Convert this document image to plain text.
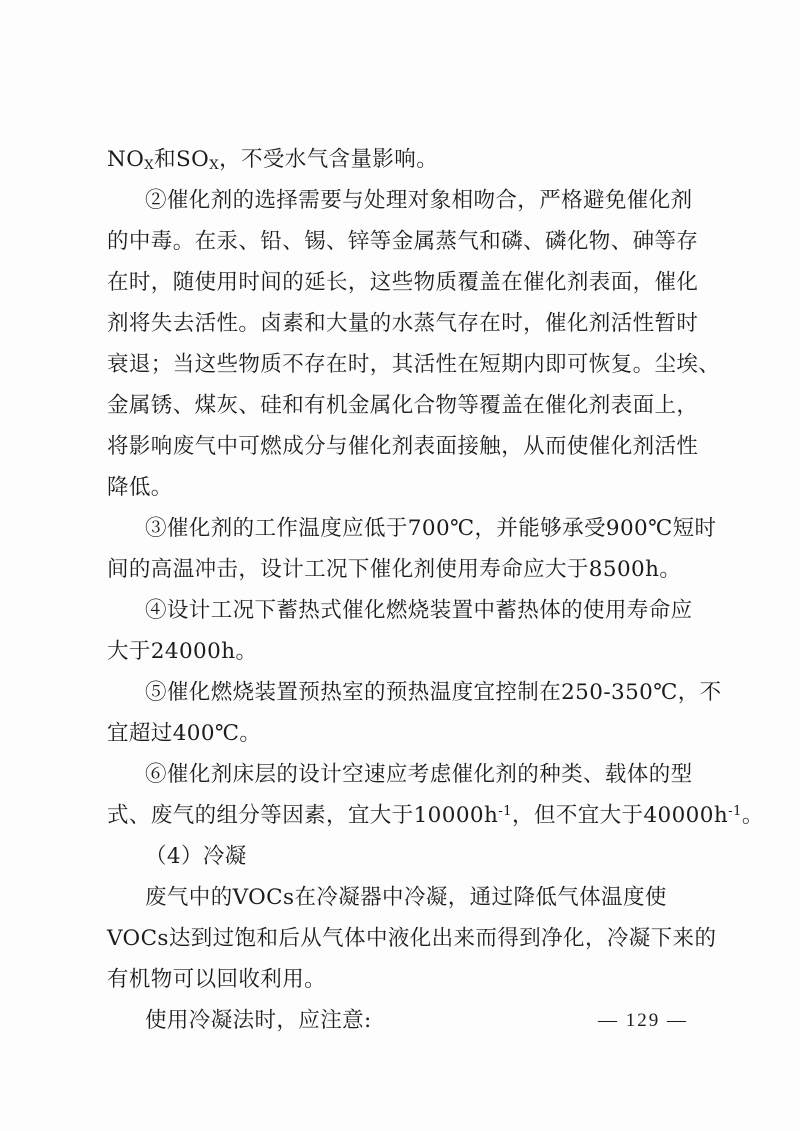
$NO_X$和$SO_X$，不受水气含量影响。
②催化剂的选择需要与处理对象相吻合，严格避免催化剂
的中毒。在汞、铅、锡、锌等金属蒸气和磷、磷化物、砷等存
在时，随使用时间的延长，这些物质覆盖在催化剂表面，催化
剂将失去活性。卤素和大量的水蒸气存在时，催化剂活性暂时
衰退；当这些物质不存在时，其活性在短期内即可恢复。尘埃、
金属锈、煤灰、硅和有机金属化合物等覆盖在催化剂表面上，
将影响废气中可燃成分与催化剂表面接触，从而使催化剂活性
降低。
③催化剂的工作温度应低于700℃，并能够承受900℃短时
间的高温冲击，设计工况下催化剂使用寿命应大于8500h。
④设计工况下蓄热式催化燃烧装置中蓄热体的使用寿命应
大于24000h。
⑤催化燃烧装置预热室的预热温度宜控制在250-350℃，不
宜超过400℃。
⑥催化剂床层的设计空速应考虑催化剂的种类、载体的型
式、废气的组分等因素，宜大于$10000h^{-1}$，但不宜大于$40000h^{-1}$。
（4）冷凝
废气中的VOCs在冷凝器中冷凝，通过降低气体温度使
VOCs达到过饱和后从气体中液化出来而得到净化，冷凝下来的
有机物可以回收利用。
使用冷凝法时，应注意:	— 129 —
